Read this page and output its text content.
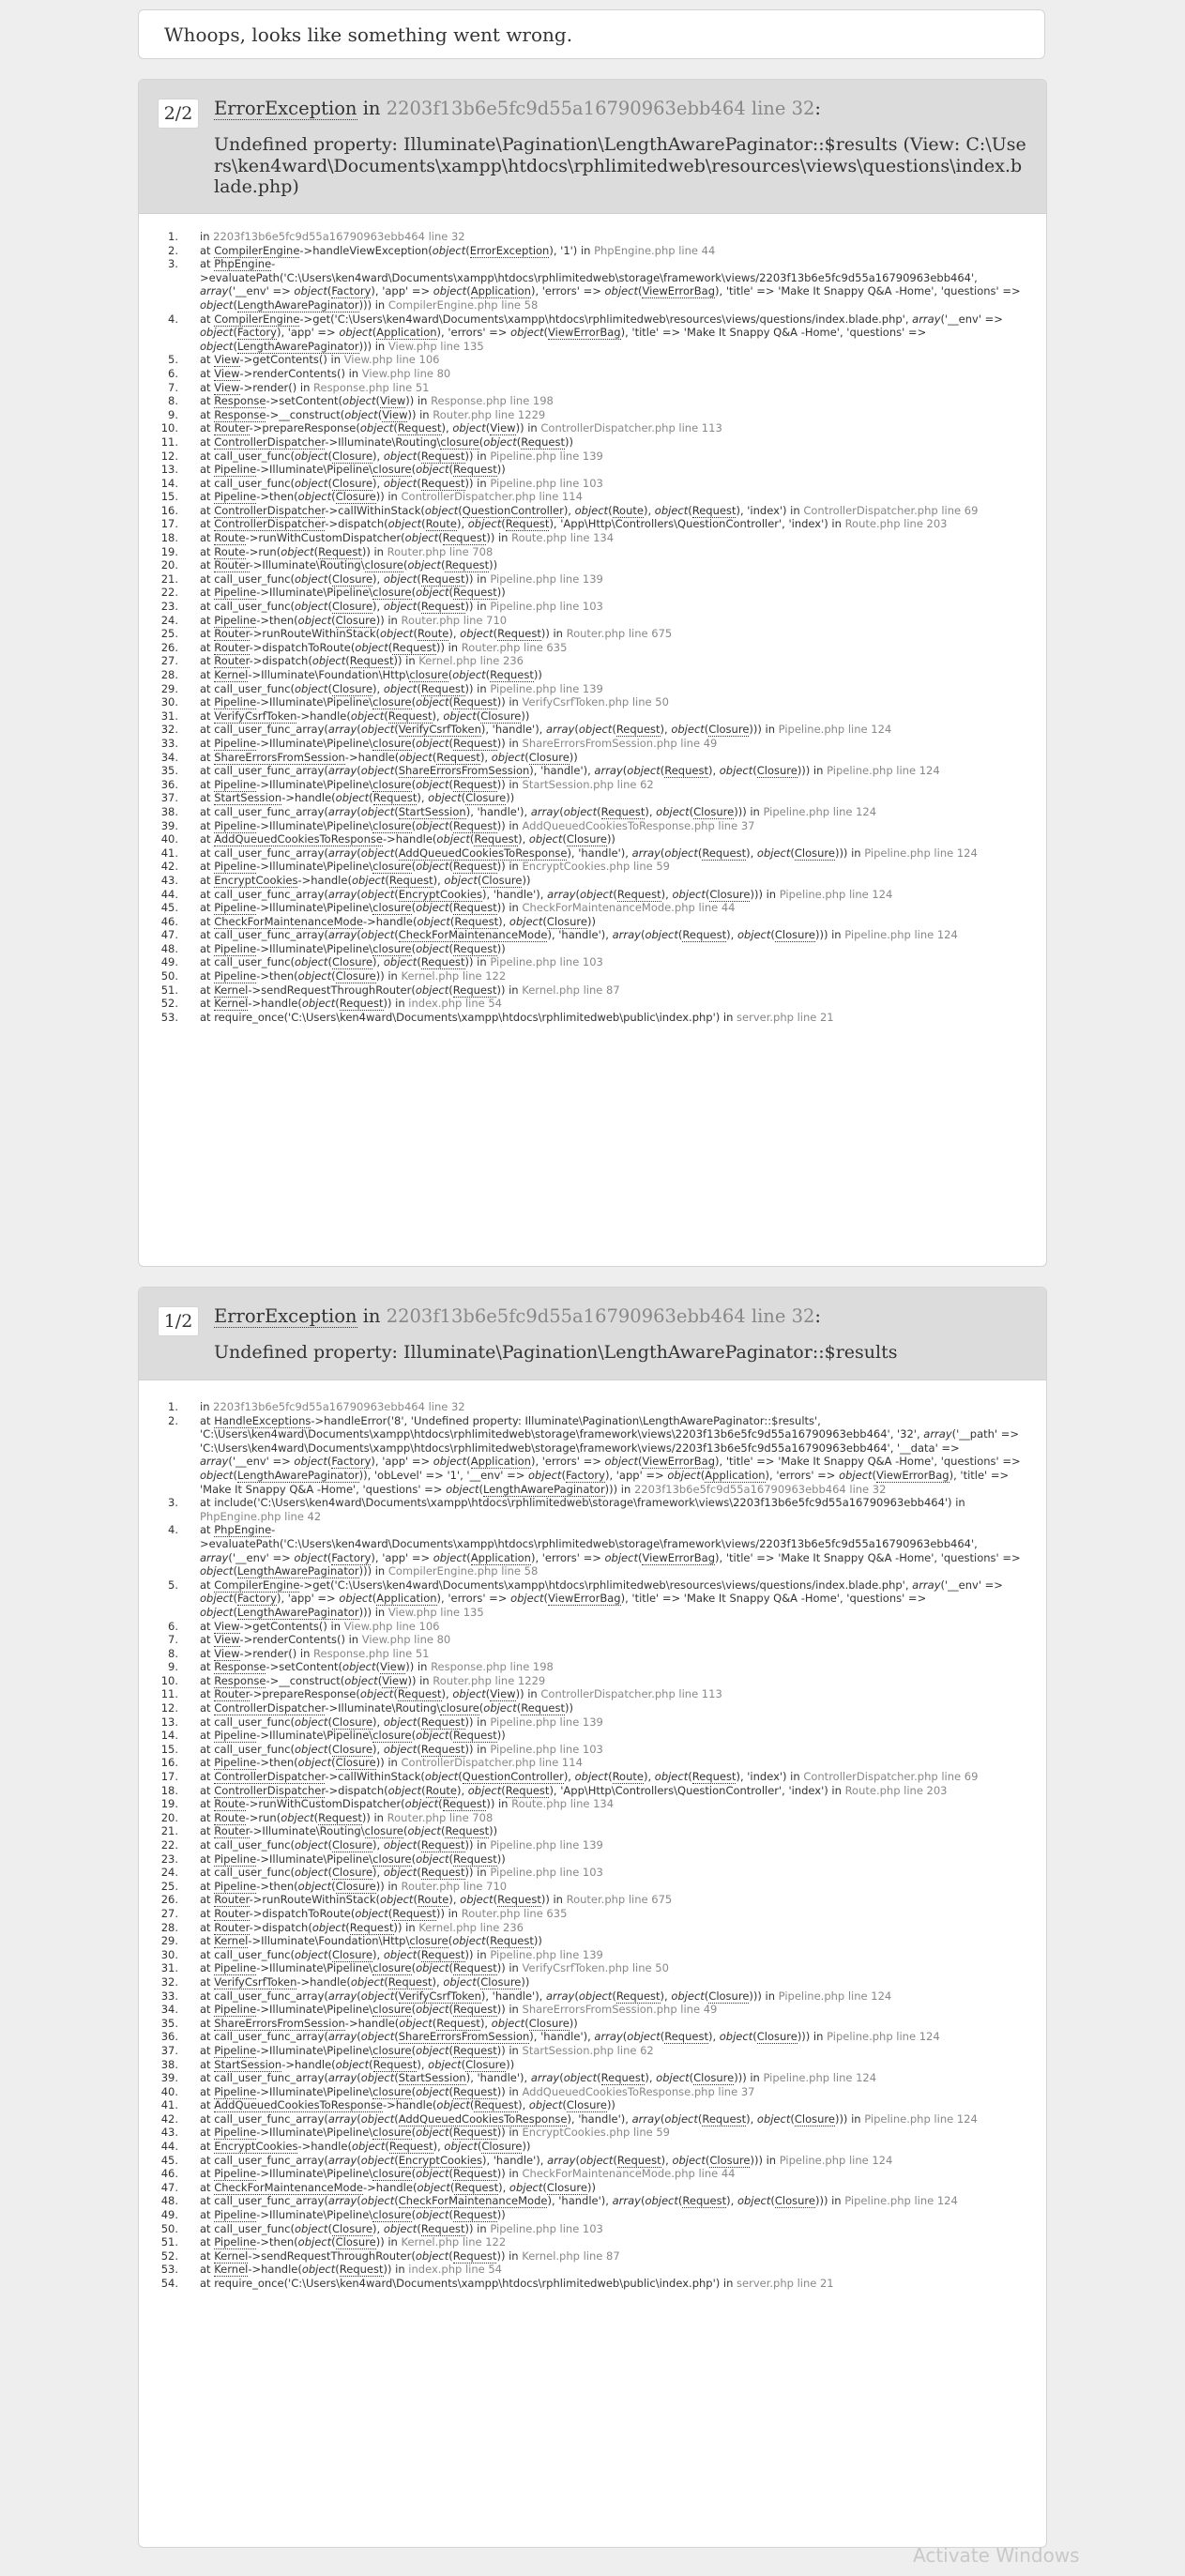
Whoops, looks like something went wrong.
2/2	ErrorException in 2203f13b6e5fc9d55a16790963ebb464 line 32:

Undefined property: Illuminate\Pagination\LengthAwarePaginator::$results (View: C:\Users\ken4ward\Documents\xampp\htdocs\rphlimitedweb\resources\views\questions\index.blade.php)

1. in 2203f13b6e5fc9d55a16790963ebb464 line 32
2. at CompilerEngine->handleViewException(object(ErrorException), '1') in PhpEngine.php line 44
3. at PhpEngine->evaluatePath('C:\Users\ken4ward\Documents\xampp\htdocs\rphlimitedweb\storage\framework\views/2203f13b6e5fc9d55a16790963ebb464', array('__env' => object(Factory), 'app' => object(Application), 'errors' => object(ViewErrorBag), 'title' => 'Make It Snappy Q&A -Home', 'questions' => object(LengthAwarePaginator))) in CompilerEngine.php line 58
4. at CompilerEngine->get('C:\Users\ken4ward\Documents\xampp\htdocs\rphlimitedweb\resources\views/questions/index.blade.php', array('__env' => object(Factory), 'app' => object(Application), 'errors' => object(ViewErrorBag), 'title' => 'Make It Snappy Q&A -Home', 'questions' => object(LengthAwarePaginator))) in View.php line 135
5. at View->getContents() in View.php line 106
6. at View->renderContents() in View.php line 80
7. at View->render() in Response.php line 51
8. at Response->setContent(object(View)) in Response.php line 198
9. at Response->__construct(object(View)) in Router.php line 1229
10. at Router->prepareResponse(object(Request), object(View)) in ControllerDispatcher.php line 113
11. at ControllerDispatcher->Illuminate\Routing\closure(object(Request))
12. at call_user_func(object(Closure), object(Request)) in Pipeline.php line 139
13. at Pipeline->Illuminate\Pipeline\closure(object(Request))
14. at call_user_func(object(Closure), object(Request)) in Pipeline.php line 103
15. at Pipeline->then(object(Closure)) in ControllerDispatcher.php line 114
16. at ControllerDispatcher->callWithinStack(object(QuestionController), object(Route), object(Request), 'index') in ControllerDispatcher.php line 69
17. at ControllerDispatcher->dispatch(object(Route), object(Request), 'App\Http\Controllers\QuestionController', 'index') in Route.php line 203
18. at Route->runWithCustomDispatcher(object(Request)) in Route.php line 134
19. at Route->run(object(Request)) in Router.php line 708
20. at Router->Illuminate\Routing\closure(object(Request))
21. at call_user_func(object(Closure), object(Request)) in Pipeline.php line 139
22. at Pipeline->Illuminate\Pipeline\closure(object(Request))
23. at call_user_func(object(Closure), object(Request)) in Pipeline.php line 103
24. at Pipeline->then(object(Closure)) in Router.php line 710
25. at Router->runRouteWithinStack(object(Route), object(Request)) in Router.php line 675
26. at Router->dispatchToRoute(object(Request)) in Router.php line 635
27. at Router->dispatch(object(Request)) in Kernel.php line 236
28. at Kernel->Illuminate\Foundation\Http\closure(object(Request))
29. at call_user_func(object(Closure), object(Request)) in Pipeline.php line 139
30. at Pipeline->Illuminate\Pipeline\closure(object(Request)) in VerifyCsrfToken.php line 50
31. at VerifyCsrfToken->handle(object(Request), object(Closure))
32. at call_user_func_array(array(object(VerifyCsrfToken), 'handle'), array(object(Request), object(Closure))) in Pipeline.php line 124
33. at Pipeline->Illuminate\Pipeline\closure(object(Request)) in ShareErrorsFromSession.php line 49
34. at ShareErrorsFromSession->handle(object(Request), object(Closure))
35. at call_user_func_array(array(object(ShareErrorsFromSession), 'handle'), array(object(Request), object(Closure))) in Pipeline.php line 124
36. at Pipeline->Illuminate\Pipeline\closure(object(Request)) in StartSession.php line 62
37. at StartSession->handle(object(Request), object(Closure))
38. at call_user_func_array(array(object(StartSession), 'handle'), array(object(Request), object(Closure))) in Pipeline.php line 124
39. at Pipeline->Illuminate\Pipeline\closure(object(Request)) in AddQueuedCookiesToResponse.php line 37
40. at AddQueuedCookiesToResponse->handle(object(Request), object(Closure))
41. at call_user_func_array(array(object(AddQueuedCookiesToResponse), 'handle'), array(object(Request), object(Closure))) in Pipeline.php line 124
42. at Pipeline->Illuminate\Pipeline\closure(object(Request)) in EncryptCookies.php line 59
43. at EncryptCookies->handle(object(Request), object(Closure))
44. at call_user_func_array(array(object(EncryptCookies), 'handle'), array(object(Request), object(Closure))) in Pipeline.php line 124
45. at Pipeline->Illuminate\Pipeline\closure(object(Request)) in CheckForMaintenanceMode.php line 44
46. at CheckForMaintenanceMode->handle(object(Request), object(Closure))
47. at call_user_func_array(array(object(CheckForMaintenanceMode), 'handle'), array(object(Request), object(Closure))) in Pipeline.php line 124
48. at Pipeline->Illuminate\Pipeline\closure(object(Request))
49. at call_user_func(object(Closure), object(Request)) in Pipeline.php line 103
50. at Pipeline->then(object(Closure)) in Kernel.php line 122
51. at Kernel->sendRequestThroughRouter(object(Request)) in Kernel.php line 87
52. at Kernel->handle(object(Request)) in index.php line 54
53. at require_once('C:\Users\ken4ward\Documents\xampp\htdocs\rphlimitedweb\public\index.php') in server.php line 21
1/2	ErrorException in 2203f13b6e5fc9d55a16790963ebb464 line 32:

Undefined property: Illuminate\Pagination\LengthAwarePaginator::$results

1. in 2203f13b6e5fc9d55a16790963ebb464 line 32
2. at HandleExceptions->handleError('8', 'Undefined property: Illuminate\Pagination\LengthAwarePaginator::$results', 'C:\Users\ken4ward\Documents\xampp\htdocs\rphlimitedweb\storage\framework\views\2203f13b6e5fc9d55a16790963ebb464', '32', array('__path' => 'C:\Users\ken4ward\Documents\xampp\htdocs\rphlimitedweb\storage\framework\views/2203f13b6e5fc9d55a16790963ebb464', '__data' => array('__env' => object(Factory), 'app' => object(Application), 'errors' => object(ViewErrorBag), 'title' => 'Make It Snappy Q&A -Home', 'questions' => object(LengthAwarePaginator)), 'obLevel' => '1', '__env' => object(Factory), 'app' => object(Application), 'errors' => object(ViewErrorBag), 'title' => 'Make It Snappy Q&A -Home', 'questions' => object(LengthAwarePaginator))) in 2203f13b6e5fc9d55a16790963ebb464 line 32
3. at include('C:\Users\ken4ward\Documents\xampp\htdocs\rphlimitedweb\storage\framework\views\2203f13b6e5fc9d55a16790963ebb464') in PhpEngine.php line 42
4. at PhpEngine->evaluatePath('C:\Users\ken4ward\Documents\xampp\htdocs\rphlimitedweb\storage\framework\views/2203f13b6e5fc9d55a16790963ebb464', array('__env' => object(Factory), 'app' => object(Application), 'errors' => object(ViewErrorBag), 'title' => 'Make It Snappy Q&A -Home', 'questions' => object(LengthAwarePaginator))) in CompilerEngine.php line 58
5. at CompilerEngine->get('C:\Users\ken4ward\Documents\xampp\htdocs\rphlimitedweb\resources\views/questions/index.blade.php', array('__env' => object(Factory), 'app' => object(Application), 'errors' => object(ViewErrorBag), 'title' => 'Make It Snappy Q&A -Home', 'questions' => object(LengthAwarePaginator))) in View.php line 135
6. at View->getContents() in View.php line 106
7. at View->renderContents() in View.php line 80
8. at View->render() in Response.php line 51
9. at Response->setContent(object(View)) in Response.php line 198
10. at Response->__construct(object(View)) in Router.php line 1229
11. at Router->prepareResponse(object(Request), object(View)) in ControllerDispatcher.php line 113
12. at ControllerDispatcher->Illuminate\Routing\closure(object(Request))
13. at call_user_func(object(Closure), object(Request)) in Pipeline.php line 139
14. at Pipeline->Illuminate\Pipeline\closure(object(Request))
15. at call_user_func(object(Closure), object(Request)) in Pipeline.php line 103
16. at Pipeline->then(object(Closure)) in ControllerDispatcher.php line 114
17. at ControllerDispatcher->callWithinStack(object(QuestionController), object(Route), object(Request), 'index') in ControllerDispatcher.php line 69
18. at ControllerDispatcher->dispatch(object(Route), object(Request), 'App\Http\Controllers\QuestionController', 'index') in Route.php line 203
19. at Route->runWithCustomDispatcher(object(Request)) in Route.php line 134
20. at Route->run(object(Request)) in Router.php line 708
21. at Router->Illuminate\Routing\closure(object(Request))
22. at call_user_func(object(Closure), object(Request)) in Pipeline.php line 139
23. at Pipeline->Illuminate\Pipeline\closure(object(Request))
24. at call_user_func(object(Closure), object(Request)) in Pipeline.php line 103
25. at Pipeline->then(object(Closure)) in Router.php line 710
26. at Router->runRouteWithinStack(object(Route), object(Request)) in Router.php line 675
27. at Router->dispatchToRoute(object(Request)) in Router.php line 635
28. at Router->dispatch(object(Request)) in Kernel.php line 236
29. at Kernel->Illuminate\Foundation\Http\closure(object(Request))
30. at call_user_func(object(Closure), object(Request)) in Pipeline.php line 139
31. at Pipeline->Illuminate\Pipeline\closure(object(Request)) in VerifyCsrfToken.php line 50
32. at VerifyCsrfToken->handle(object(Request), object(Closure))
33. at call_user_func_array(array(object(VerifyCsrfToken), 'handle'), array(object(Request), object(Closure))) in Pipeline.php line 124
34. at Pipeline->Illuminate\Pipeline\closure(object(Request)) in ShareErrorsFromSession.php line 49
35. at ShareErrorsFromSession->handle(object(Request), object(Closure))
36. at call_user_func_array(array(object(ShareErrorsFromSession), 'handle'), array(object(Request), object(Closure))) in Pipeline.php line 124
37. at Pipeline->Illuminate\Pipeline\closure(object(Request)) in StartSession.php line 62
38. at StartSession->handle(object(Request), object(Closure))
39. at call_user_func_array(array(object(StartSession), 'handle'), array(object(Request), object(Closure))) in Pipeline.php line 124
40. at Pipeline->Illuminate\Pipeline\closure(object(Request)) in AddQueuedCookiesToResponse.php line 37
41. at AddQueuedCookiesToResponse->handle(object(Request), object(Closure))
42. at call_user_func_array(array(object(AddQueuedCookiesToResponse), 'handle'), array(object(Request), object(Closure))) in Pipeline.php line 124
43. at Pipeline->Illuminate\Pipeline\closure(object(Request)) in EncryptCookies.php line 59
44. at EncryptCookies->handle(object(Request), object(Closure))
45. at call_user_func_array(array(object(EncryptCookies), 'handle'), array(object(Request), object(Closure))) in Pipeline.php line 124
46. at Pipeline->Illuminate\Pipeline\closure(object(Request)) in CheckForMaintenanceMode.php line 44
47. at CheckForMaintenanceMode->handle(object(Request), object(Closure))
48. at call_user_func_array(array(object(CheckForMaintenanceMode), 'handle'), array(object(Request), object(Closure))) in Pipeline.php line 124
49. at Pipeline->Illuminate\Pipeline\closure(object(Request))
50. at call_user_func(object(Closure), object(Request)) in Pipeline.php line 103
51. at Pipeline->then(object(Closure)) in Kernel.php line 122
52. at Kernel->sendRequestThroughRouter(object(Request)) in Kernel.php line 87
53. at Kernel->handle(object(Request)) in index.php line 54
54. at require_once('C:\Users\ken4ward\Documents\xampp\htdocs\rphlimitedweb\public\index.php') in server.php line 21
Activate Windows
